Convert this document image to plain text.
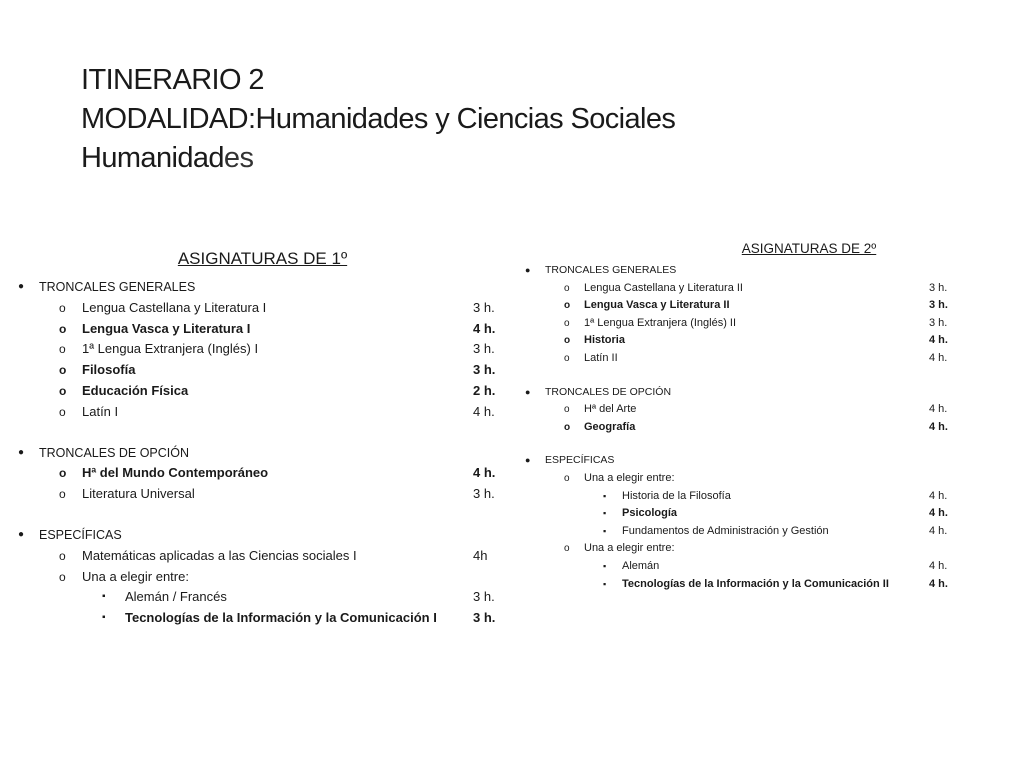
ITINERARIO 2
MODALIDAD:Humanidades y Ciencias Sociales
Humanidades
ASIGNATURAS DE 1º
● TRONCALES GENERALES
o Lengua Castellana y Literatura I	3 h.
o Lengua Vasca y Literatura I	4 h.
o 1ª Lengua Extranjera (Inglés) I	3 h.
o Filosofía	3 h.
o Educación Física	2 h.
o Latín I	4 h.
● TRONCALES DE OPCIÓN
o Hª del Mundo Contemporáneo	4 h.
o Literatura Universal	3 h.
● ESPECÍFICAS
o Matemáticas aplicadas a las Ciencias sociales I	4h
o Una a elegir entre:
▪ Alemán / Francés	3 h.
▪ Tecnologías de la Información y la Comunicación I	3 h.
ASIGNATURAS DE 2º
● TRONCALES GENERALES
o Lengua Castellana y Literatura II	3 h.
o Lengua Vasca y Literatura II	3 h.
o 1ª Lengua Extranjera (Inglés) II	3 h.
o Historia	4 h.
o Latín II	4 h.
● TRONCALES DE OPCIÓN
o Hª del Arte	4 h.
o Geografía	4 h.
● ESPECÍFICAS
o Una a elegir entre:
▪ Historia de la Filosofía	4 h.
▪ Psicología	4 h.
▪ Fundamentos de Administración y Gestión	4 h.
o Una a elegir entre:
▪ Alemán	4 h.
▪ Tecnologías de la Información y la Comunicación II	4 h.
